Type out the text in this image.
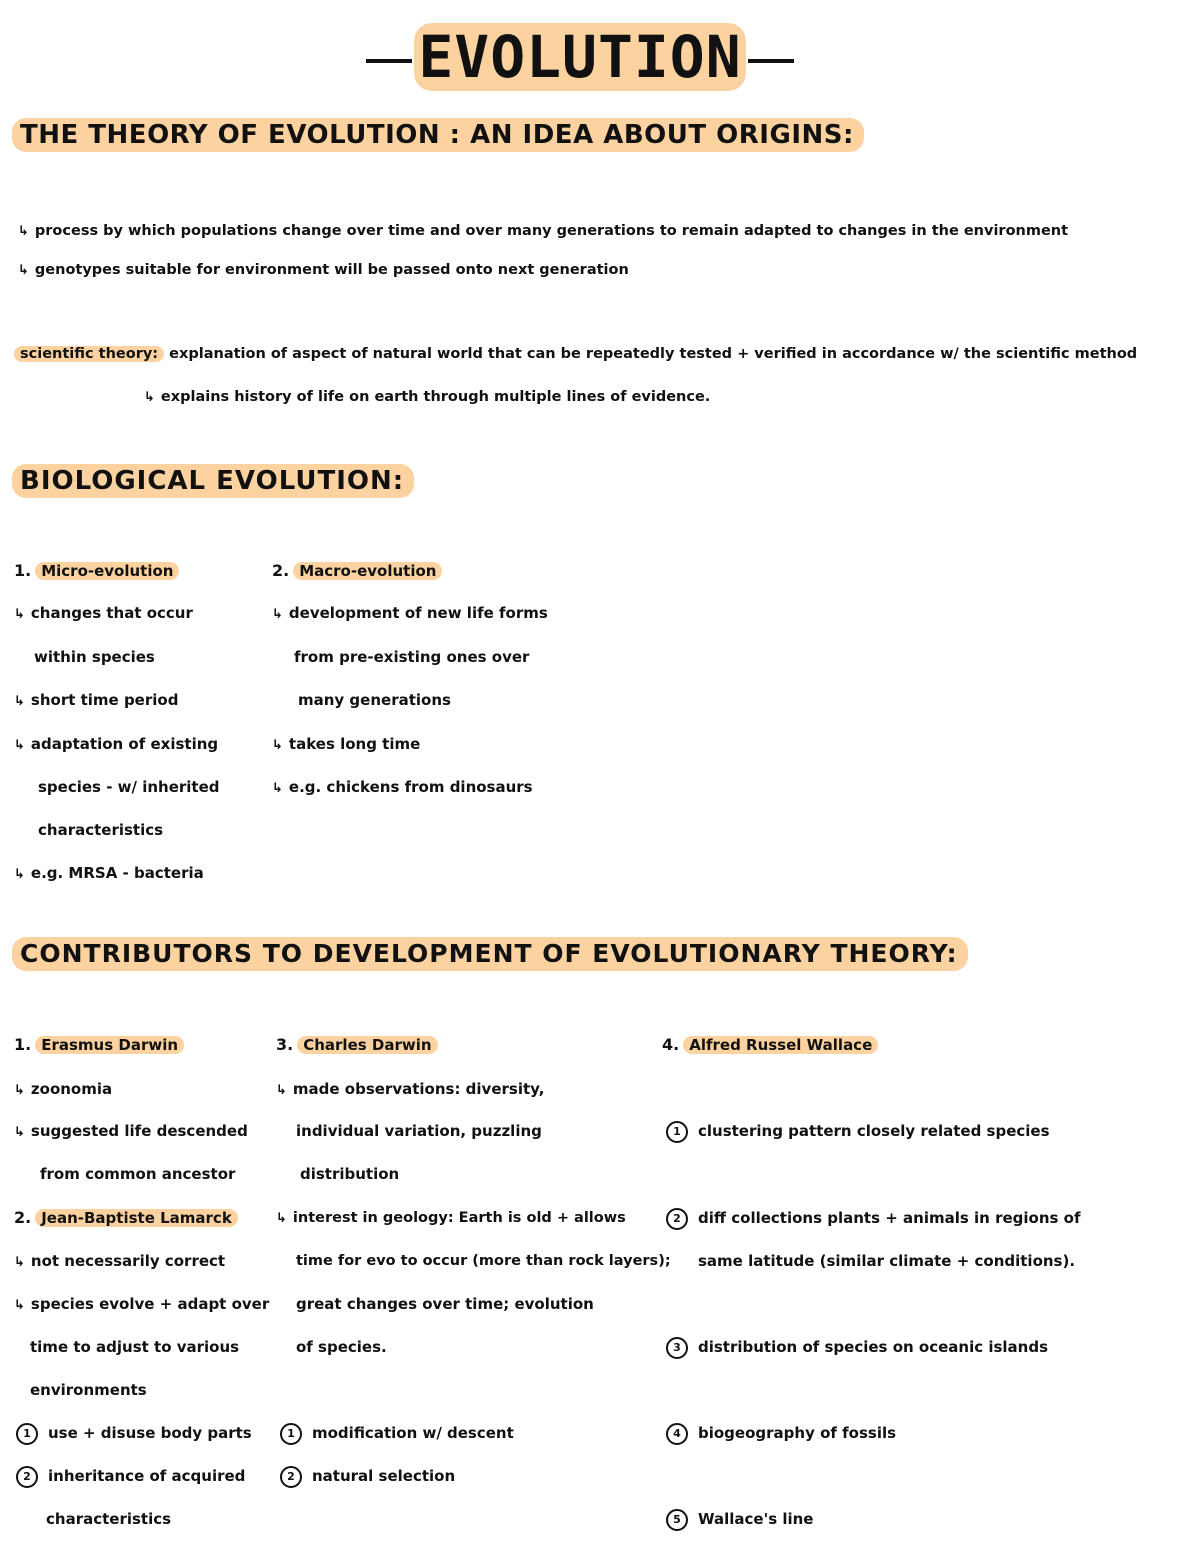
EVOLUTION
THE THEORY OF EVOLUTION : AN IDEA ABOUT ORIGINS:
↳ process by which populations change over time and over many generations to remain adapted to changes in the environment
↳ genotypes suitable for environment will be passed onto next generation
scientific theory: explanation of aspect of natural world that can be repeatedly tested + verified in accordance w/ the scientific method
↳ explains history of life on earth through multiple lines of evidence.
BIOLOGICAL EVOLUTION:
1. Micro-evolution
↳ changes that occur
within species
↳ short time period
↳ adaptation of existing
species - w/ inherited
characteristics
↳ e.g. MRSA - bacteria
2. Macro-evolution
↳ development of new life forms
from pre-existing ones over
many generations
↳ takes long time
↳ e.g. chickens from dinosaurs
CONTRIBUTORS TO DEVELOPMENT OF EVOLUTIONARY THEORY:
1. Erasmus Darwin
↳ zoonomia
↳ suggested life descended
from common ancestor
2. Jean-Baptiste Lamarck
↳ not necessarily correct
↳ species evolve + adapt over
time to adjust to various
environments
1 use + disuse body parts
2 inheritance of acquired
characteristics
3. Charles Darwin
↳ made observations: diversity,
individual variation, puzzling
distribution
↳ interest in geology: Earth is old + allows
time for evo to occur (more than rock layers);
great changes over time; evolution
of species.
1 modification w/ descent
2 natural selection
4. Alfred Russel Wallace
1 clustering pattern closely related species
2 diff collections plants + animals in regions of
same latitude (similar climate + conditions).
3 distribution of species on oceanic islands
4 biogeography of fossils
5 Wallace's line
